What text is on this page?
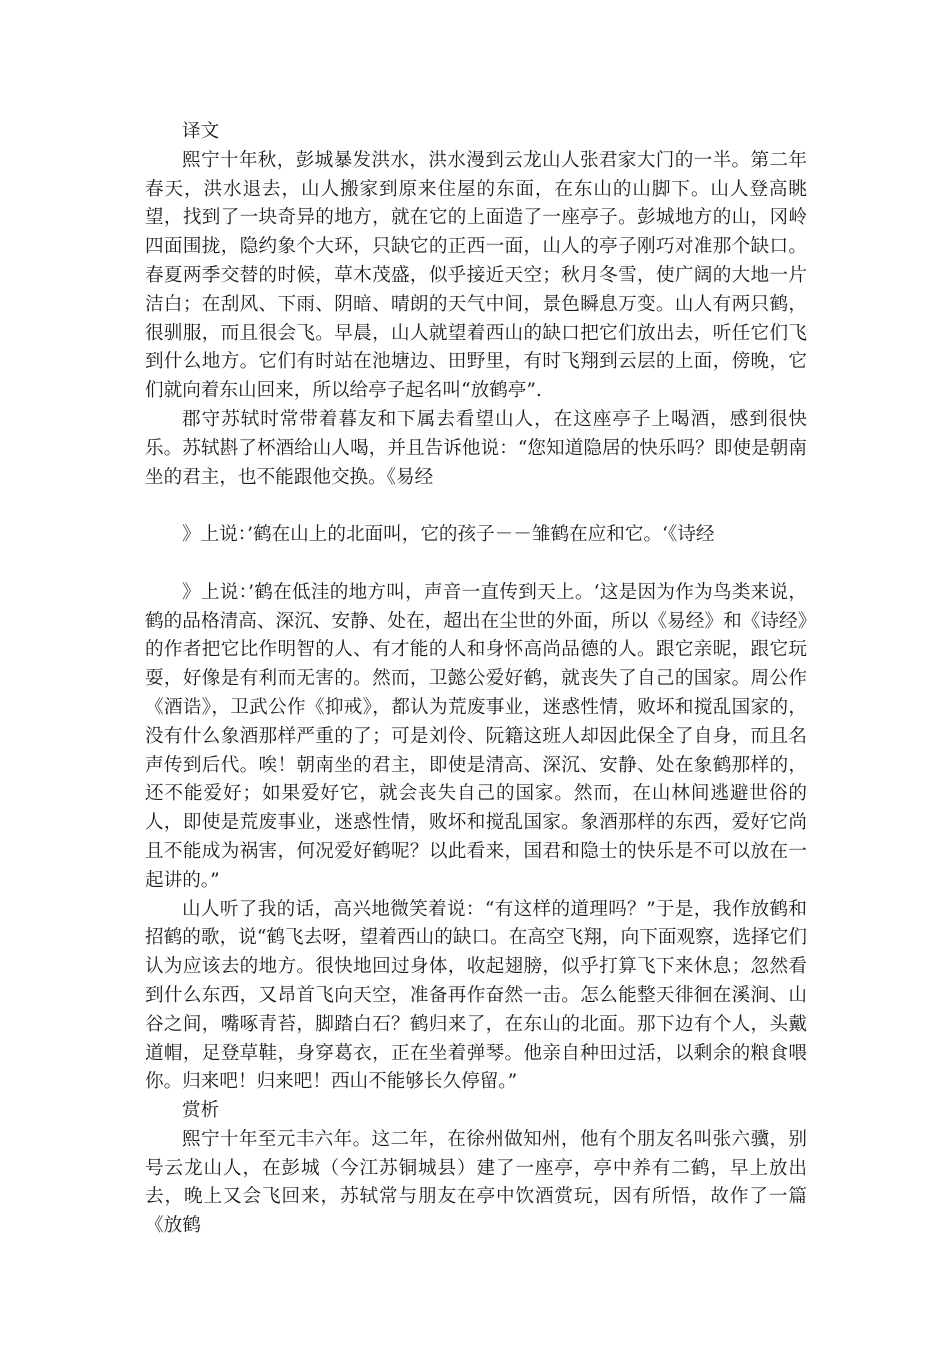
译文

熙宁十年秋，彭城暴发洪水，洪水漫到云龙山人张君家大门的一半。第二年春天，洪水退去，山人搬家到原来住屋的东面，在东山的山脚下。山人登高眺望，找到了一块奇异的地方，就在它的上面造了一座亭子。彭城地方的山，冈岭四面围拢，隐约象个大环，只缺它的正西一面，山人的亭子刚巧对准那个缺口。春夏两季交替的时候，草木茂盛，似乎接近天空；秋月冬雪，使广阔的大地一片洁白；在刮风、下雨、阴暗、晴朗的天气中间，景色瞬息万变。山人有两只鹤，很驯服，而且很会飞。早晨，山人就望着西山的缺口把它们放出去，听任它们飞到什么地方。它们有时站在池塘边、田野里，有时飞翔到云层的上面，傍晚，它们就向着东山回来，所以给亭子起名叫“放鹤亭”.

郡守苏轼时常带着暮友和下属去看望山人，在这座亭子上喝酒，感到很快乐。苏轼斟了杯酒给山人喝，并且告诉他说：“您知道隐居的快乐吗？即使是朝南坐的君主，也不能跟他交换。《易经

》上说：’鹤在山上的北面叫，它的孩子－－雏鹤在应和它。‘《诗经

》上说：’鹤在低洼的地方叫，声音一直传到天上。‘这是因为作为鸟类来说，鹤的品格清高、深沉、安静、处在，超出在尘世的外面，所以《易经》和《诗经》的作者把它比作明智的人、有才能的人和身怀高尚品德的人。跟它亲昵，跟它玩耍，好像是有利而无害的。然而，卫懿公爱好鹤，就丧失了自己的国家。周公作《酒诰》，卫武公作《抑戒》，都认为荒废事业，迷惑性情，败坏和搅乱国家的，没有什么象酒那样严重的了；可是刘伶、阮籍这班人却因此保全了自身，而且名声传到后代。唉！朝南坐的君主，即使是清高、深沉、安静、处在象鹤那样的，还不能爱好；如果爱好它，就会丧失自己的国家。然而，在山林间逃避世俗的人，即使是荒废事业，迷惑性情，败坏和搅乱国家。象酒那样的东西，爱好它尚且不能成为祸害，何况爱好鹤呢？以此看来，国君和隐士的快乐是不可以放在一起讲的。”

山人听了我的话，高兴地微笑着说：“有这样的道理吗？”于是，我作放鹤和招鹤的歌，说“鹤飞去呀，望着西山的缺口。在高空飞翔，向下面观察，选择它们认为应该去的地方。很快地回过身体，收起翅膀，似乎打算飞下来休息；忽然看到什么东西，又昂首飞向天空，准备再作奋然一击。怎么能整天徘徊在溪涧、山谷之间，嘴啄青苔，脚踏白石？鹤归来了，在东山的北面。那下边有个人，头戴道帽，足登草鞋，身穿葛衣，正在坐着弹琴。他亲自种田过活，以剩余的粮食喂你。归来吧！归来吧！西山不能够长久停留。”

赏析

熙宁十年至元丰六年。这二年，在徐州做知州，他有个朋友名叫张六骥，别号云龙山人，在彭城（今江苏铜城县）建了一座亭，亭中养有二鹤，早上放出去，晚上又会飞回来，苏轼常与朋友在亭中饮酒赏玩，因有所悟，故作了一篇《放鹤
